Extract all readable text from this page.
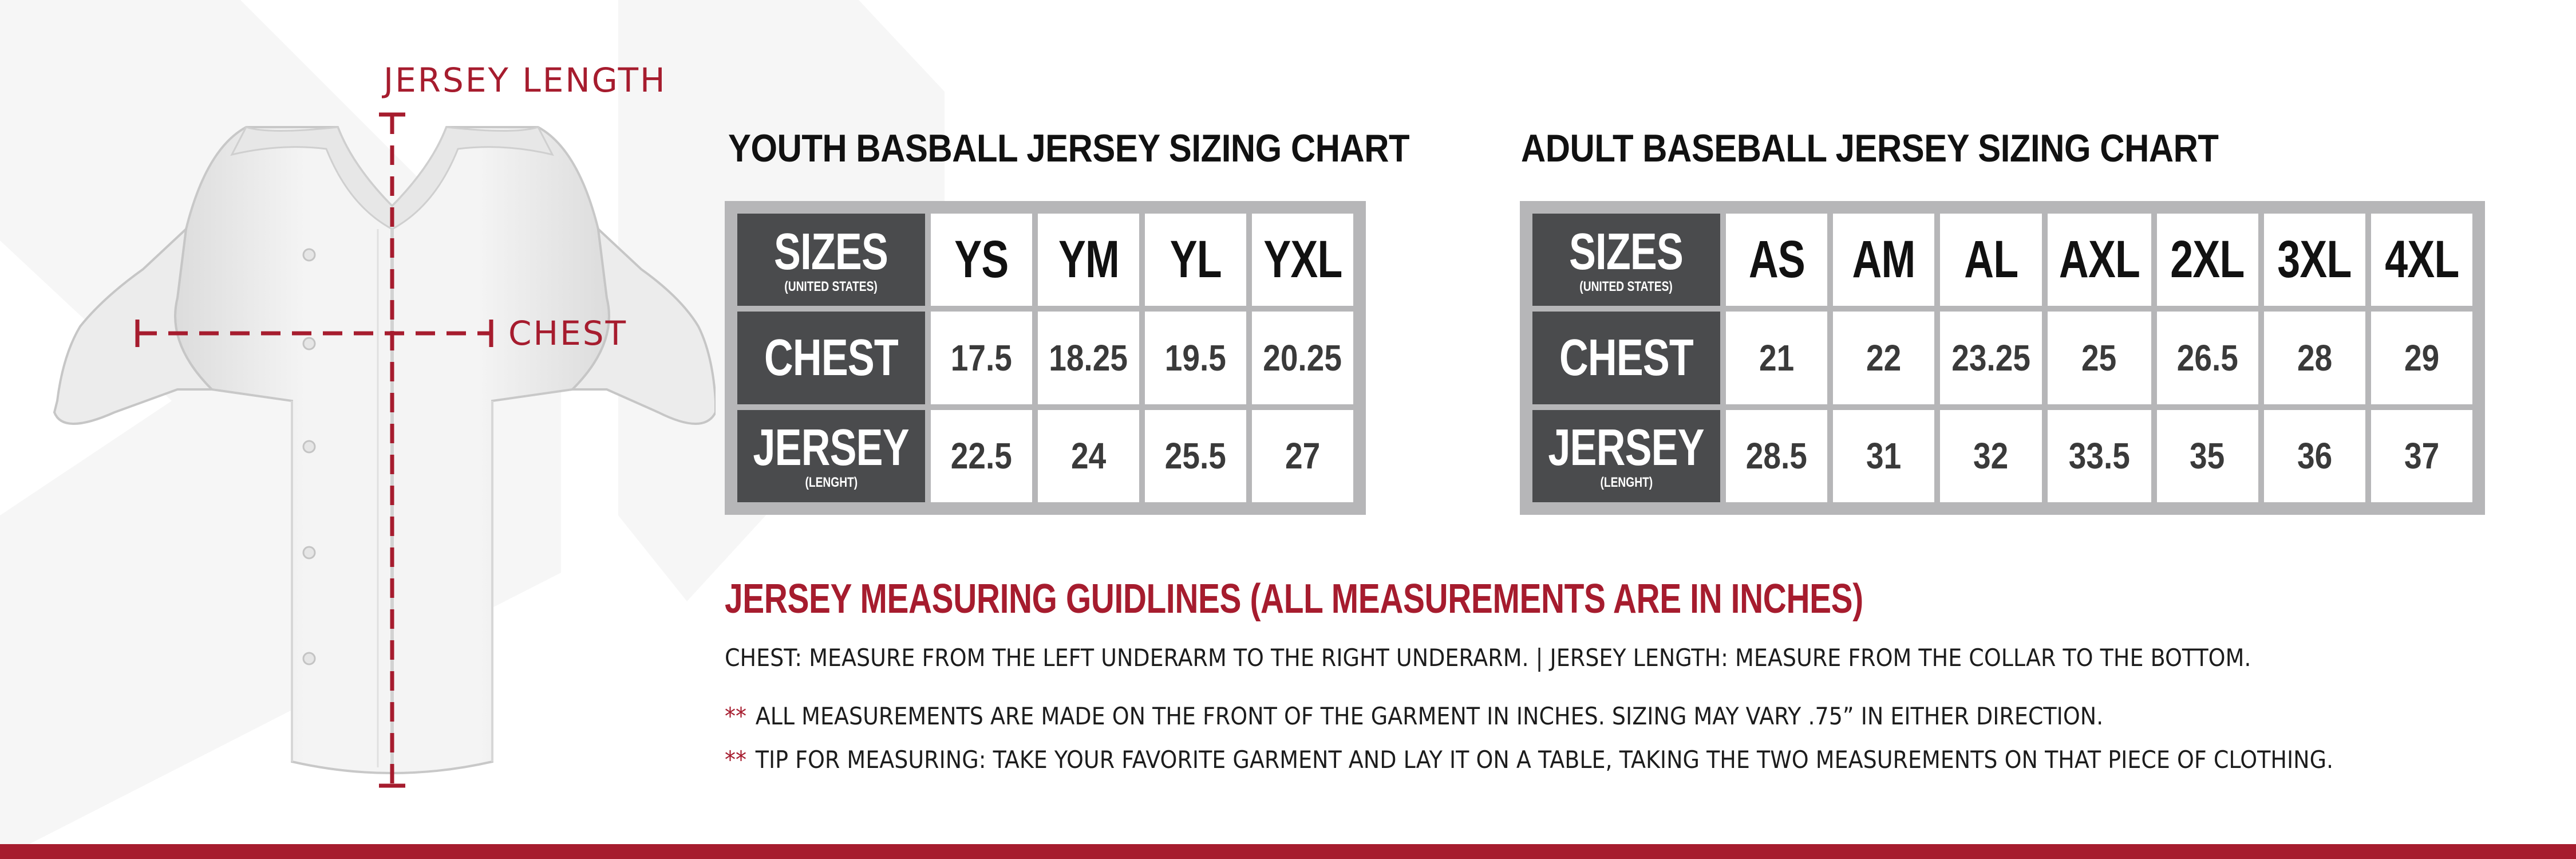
JERSEY LENGTH
CHEST
YOUTH BASBALL JERSEY SIZING CHART
SIZES
(UNITED STATES) YS YM YL YXL
CHEST 17.5 18.25 19.5 20.25
JERSEY
(LENGHT)
22.5 24 25.5 27
ADULT BASEBALL JERSEY SIZING CHART
SIZES
(UNITED STATES) AS AM AL AXL 2XL 3XL 4XL
CHEST 21 22 23.25 25 26.5 28 29
JERSEY
(LENGHT)
28.5 31 32 33.5 35 36 37
JERSEY MEASURING GUIDLINES (ALL MEASUREMENTS ARE IN INCHES)
CHEST: MEASURE FROM THE LEFT UNDERARM TO THE RIGHT UNDERARM. | JERSEY LENGTH: MEASURE FROM THE COLLAR TO THE BOTTOM.
** ALL MEASUREMENTS ARE MADE ON THE FRONT OF THE GARMENT IN INCHES. SIZING MAY VARY .75” IN EITHER DIRECTION.
** TIP FOR MEASURING: TAKE YOUR FAVORITE GARMENT AND LAY IT ON A TABLE, TAKING THE TWO MEASUREMENTS ON THAT PIECE OF CLOTHING.
